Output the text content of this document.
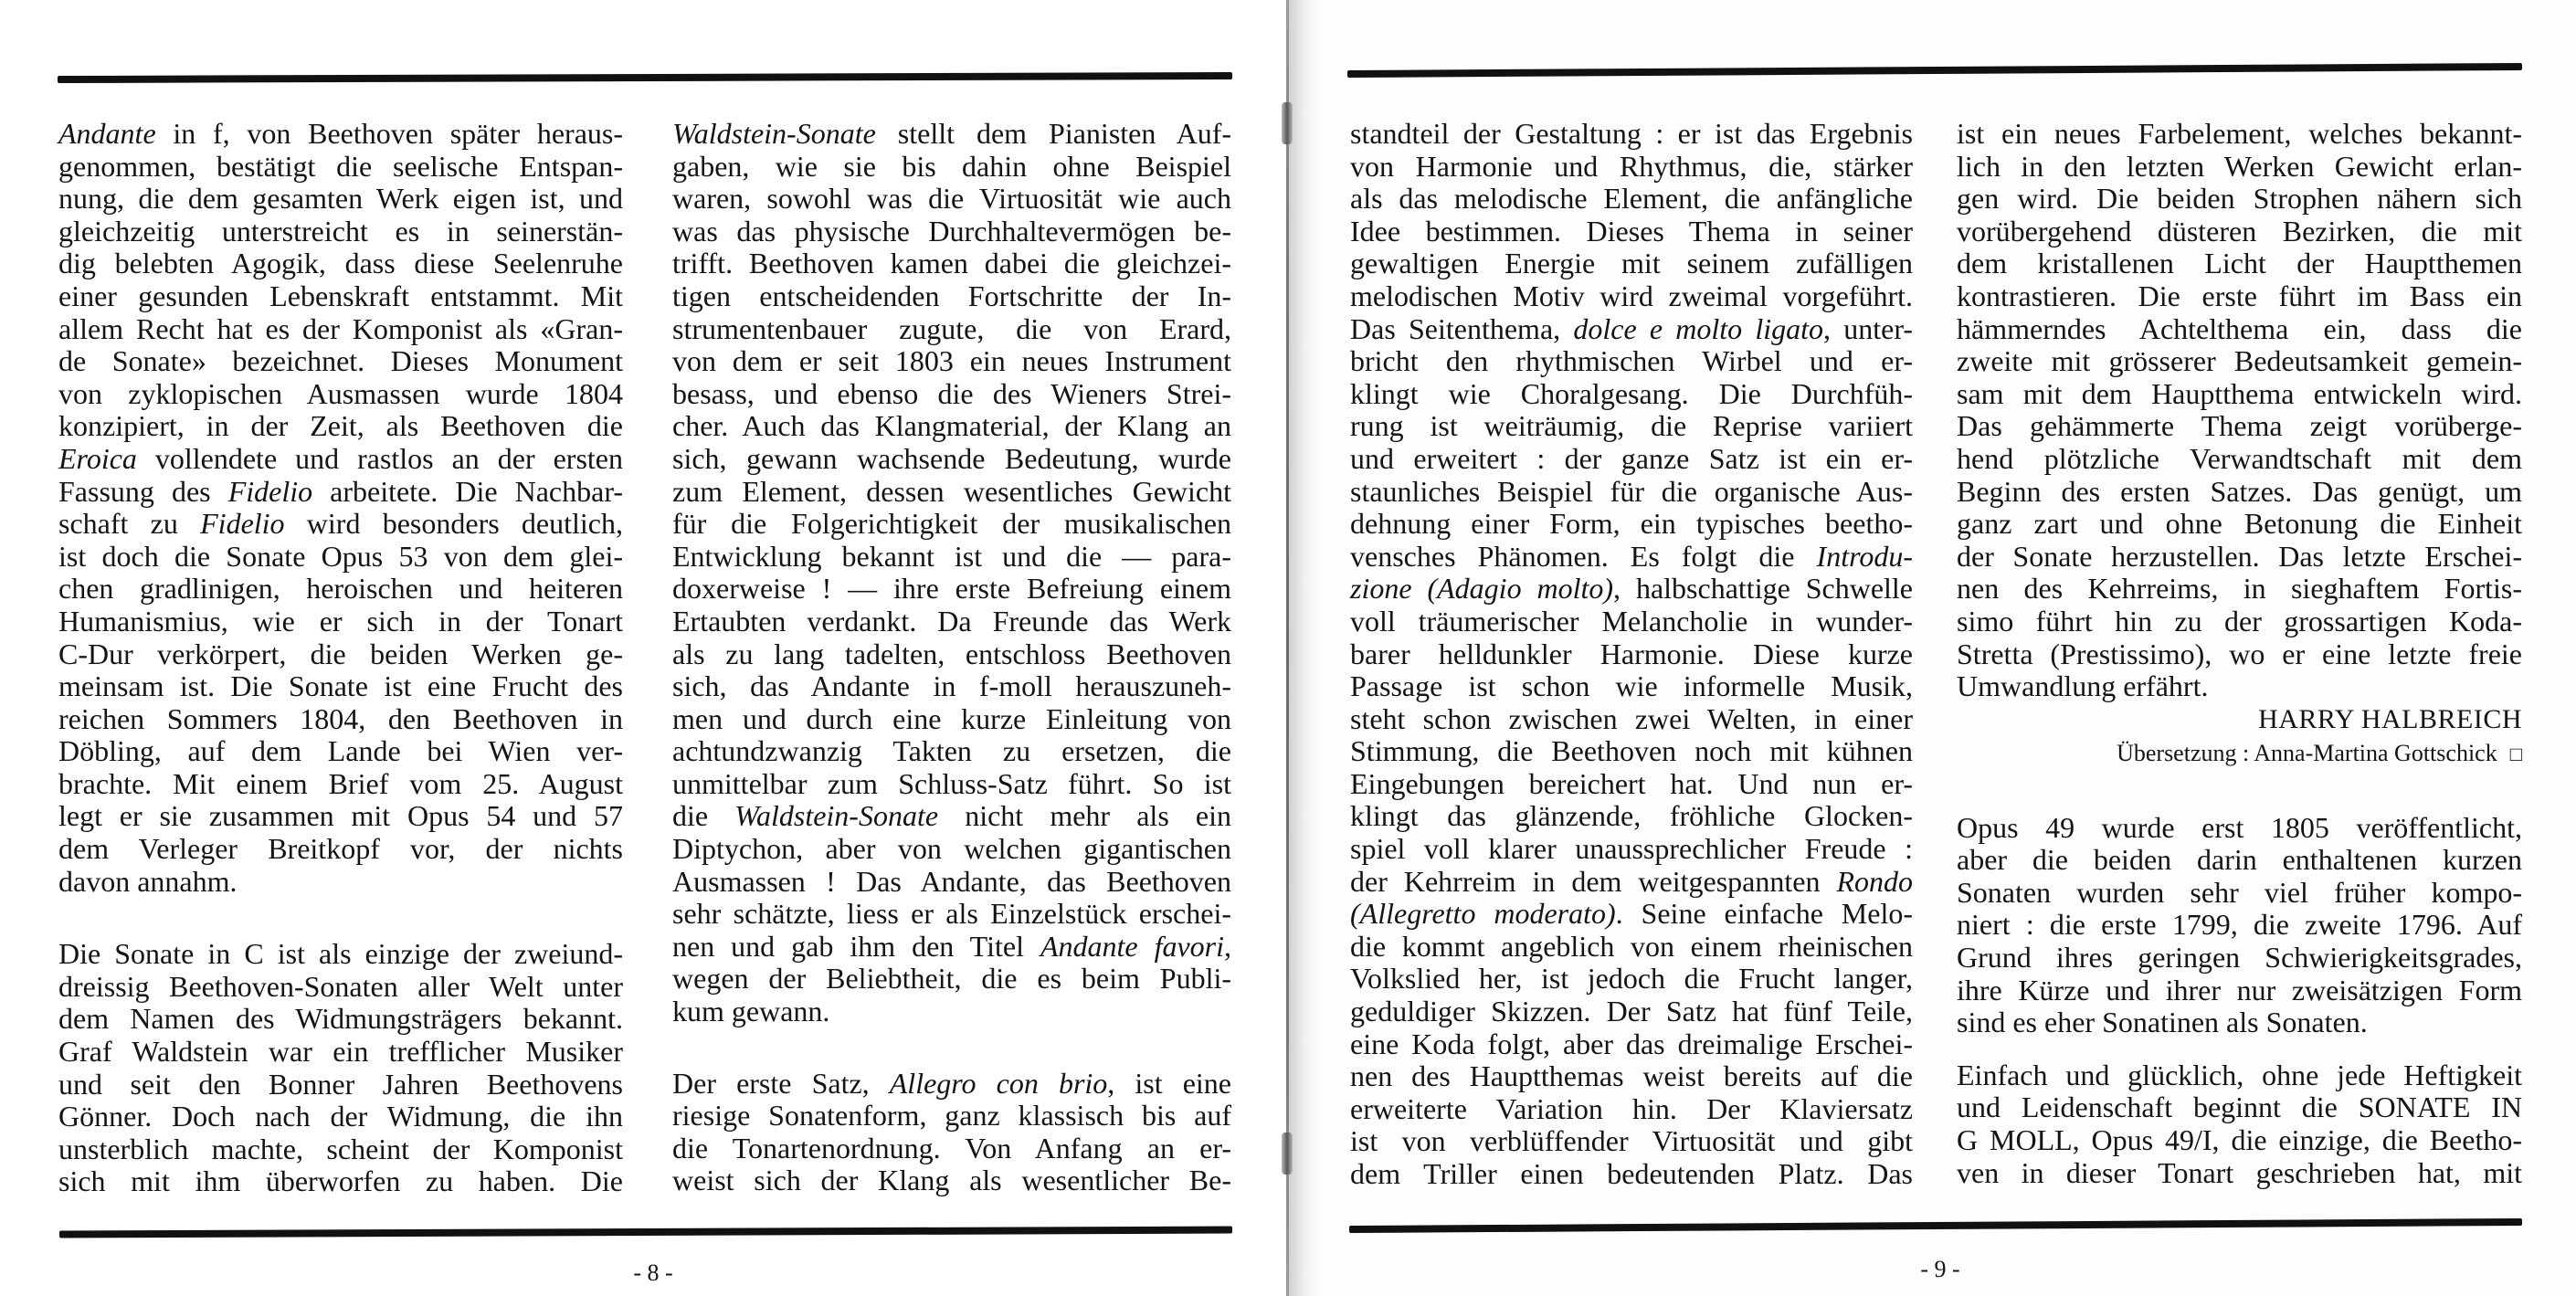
Andante in f, von Beethoven später heraus-
genommen, bestätigt die seelische Entspan-
nung, die dem gesamten Werk eigen ist, und
gleichzeitig unterstreicht es in seinerstän-
dig belebten Agogik, dass diese Seelenruhe
einer gesunden Lebenskraft entstammt. Mit
allem Recht hat es der Komponist als «Gran-
de Sonate» bezeichnet. Dieses Monument
von zyklopischen Ausmassen wurde 1804
konzipiert, in der Zeit, als Beethoven die
Eroica vollendete und rastlos an der ersten
Fassung des Fidelio arbeitete. Die Nachbar-
schaft zu Fidelio wird besonders deutlich,
ist doch die Sonate Opus 53 von dem glei-
chen gradlinigen, heroischen und heiteren
Humanismius, wie er sich in der Tonart
C-Dur verkörpert, die beiden Werken ge-
meinsam ist. Die Sonate ist eine Frucht des
reichen Sommers 1804, den Beethoven in
Döbling, auf dem Lande bei Wien ver-
brachte. Mit einem Brief vom 25. August
legt er sie zusammen mit Opus 54 und 57
dem Verleger Breitkopf vor, der nichts
davon annahm.
Die Sonate in C ist als einzige der zweiund-
dreissig Beethoven-Sonaten aller Welt unter
dem Namen des Widmungsträgers bekannt.
Graf Waldstein war ein trefflicher Musiker
und seit den Bonner Jahren Beethovens
Gönner. Doch nach der Widmung, die ihn
unsterblich machte, scheint der Komponist
sich mit ihm überworfen zu haben. Die
Waldstein-Sonate stellt dem Pianisten Auf-
gaben, wie sie bis dahin ohne Beispiel
waren, sowohl was die Virtuosität wie auch
was das physische Durchhaltevermögen be-
trifft. Beethoven kamen dabei die gleichzei-
tigen entscheidenden Fortschritte der In-
strumentenbauer zugute, die von Erard,
von dem er seit 1803 ein neues Instrument
besass, und ebenso die des Wieners Strei-
cher. Auch das Klangmaterial, der Klang an
sich, gewann wachsende Bedeutung, wurde
zum Element, dessen wesentliches Gewicht
für die Folgerichtigkeit der musikalischen
Entwicklung bekannt ist und die — para-
doxerweise ! — ihre erste Befreiung einem
Ertaubten verdankt. Da Freunde das Werk
als zu lang tadelten, entschloss Beethoven
sich, das Andante in f-moll herauszuneh-
men und durch eine kurze Einleitung von
achtundzwanzig Takten zu ersetzen, die
unmittelbar zum Schluss-Satz führt. So ist
die Waldstein-Sonate nicht mehr als ein
Diptychon, aber von welchen gigantischen
Ausmassen ! Das Andante, das Beethoven
sehr schätzte, liess er als Einzelstück erschei-
nen und gab ihm den Titel Andante favori,
wegen der Beliebtheit, die es beim Publi-
kum gewann.
Der erste Satz, Allegro con brio, ist eine
riesige Sonatenform, ganz klassisch bis auf
die Tonartenordnung. Von Anfang an er-
weist sich der Klang als wesentlicher Be-
standteil der Gestaltung : er ist das Ergebnis
von Harmonie und Rhythmus, die, stärker
als das melodische Element, die anfängliche
Idee bestimmen. Dieses Thema in seiner
gewaltigen Energie mit seinem zufälligen
melodischen Motiv wird zweimal vorgeführt.
Das Seitenthema, dolce e molto ligato, unter-
bricht den rhythmischen Wirbel und er-
klingt wie Choralgesang. Die Durchfüh-
rung ist weiträumig, die Reprise variiert
und erweitert : der ganze Satz ist ein er-
staunliches Beispiel für die organische Aus-
dehnung einer Form, ein typisches beetho-
vensches Phänomen. Es folgt die Introdu-
zione (Adagio molto), halbschattige Schwelle
voll träumerischer Melancholie in wunder-
barer helldunkler Harmonie. Diese kurze
Passage ist schon wie informelle Musik,
steht schon zwischen zwei Welten, in einer
Stimmung, die Beethoven noch mit kühnen
Eingebungen bereichert hat. Und nun er-
klingt das glänzende, fröhliche Glocken-
spiel voll klarer unaussprechlicher Freude :
der Kehrreim in dem weitgespannten Rondo
(Allegretto moderato). Seine einfache Melo-
die kommt angeblich von einem rheinischen
Volkslied her, ist jedoch die Frucht langer,
geduldiger Skizzen. Der Satz hat fünf Teile,
eine Koda folgt, aber das dreimalige Erschei-
nen des Hauptthemas weist bereits auf die
erweiterte Variation hin. Der Klaviersatz
ist von verblüffender Virtuosität und gibt
dem Triller einen bedeutenden Platz. Das
ist ein neues Farbelement, welches bekannt-
lich in den letzten Werken Gewicht erlan-
gen wird. Die beiden Strophen nähern sich
vorübergehend düsteren Bezirken, die mit
dem kristallenen Licht der Hauptthemen
kontrastieren. Die erste führt im Bass ein
hämmerndes Achtelthema ein, dass die
zweite mit grösserer Bedeutsamkeit gemein-
sam mit dem Hauptthema entwickeln wird.
Das gehämmerte Thema zeigt vorüberge-
hend plötzliche Verwandtschaft mit dem
Beginn des ersten Satzes. Das genügt, um
ganz zart und ohne Betonung die Einheit
der Sonate herzustellen. Das letzte Erschei-
nen des Kehrreims, in sieghaftem Fortis-
simo führt hin zu der grossartigen Koda-
Stretta (Prestissimo), wo er eine letzte freie
Umwandlung erfährt.
HARRY HALBREICH
Übersetzung : Anna-Martina Gottschick □
Opus 49 wurde erst 1805 veröffentlicht,
aber die beiden darin enthaltenen kurzen
Sonaten wurden sehr viel früher kompo-
niert : die erste 1799, die zweite 1796. Auf
Grund ihres geringen Schwierigkeitsgrades,
ihre Kürze und ihrer nur zweisätzigen Form
sind es eher Sonatinen als Sonaten.
Einfach und glücklich, ohne jede Heftigkeit
und Leidenschaft beginnt die SONATE IN
G MOLL, Opus 49/I, die einzige, die Beetho-
ven in dieser Tonart geschrieben hat, mit
- 8 -	- 9 -
